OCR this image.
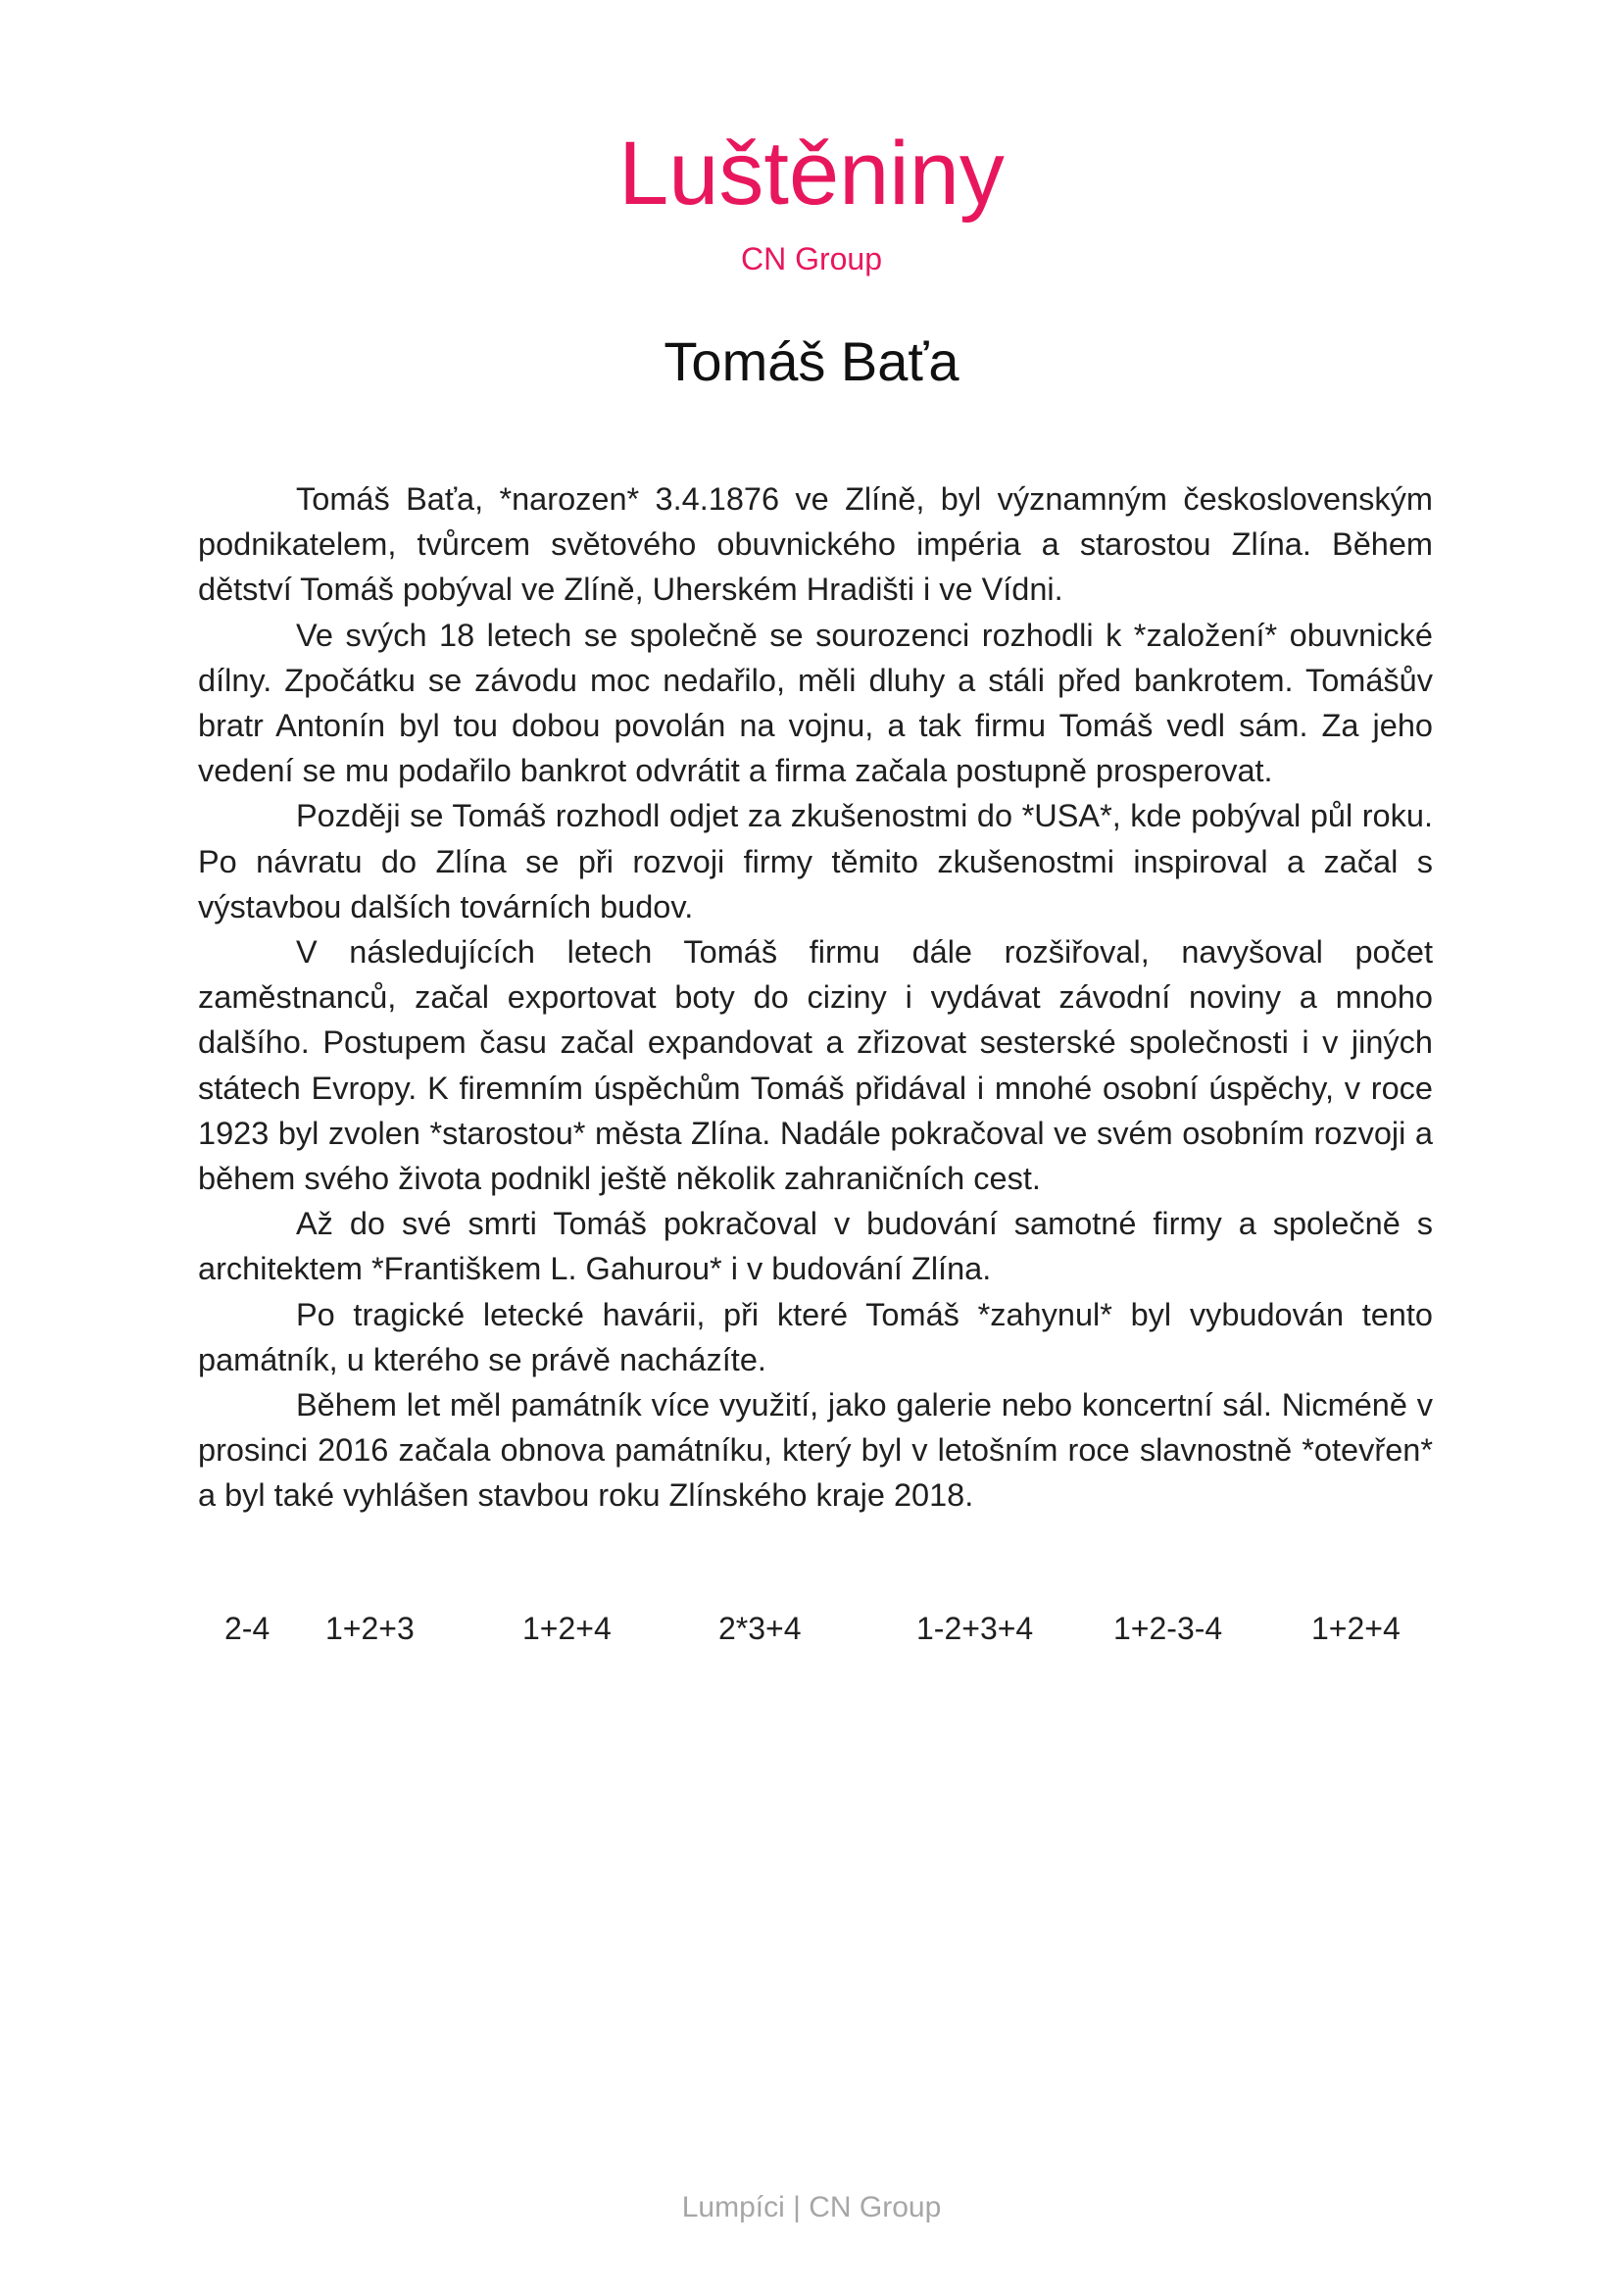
Luštěniny
CN Group
Tomáš Baťa

Tomáš Baťa, *narozen* 3.4.1876 ve Zlíně, byl významným československým podnikatelem, tvůrcem světového obuvnického impéria a starostou Zlína. Během dětství Tomáš pobýval ve Zlíně, Uherském Hradišti i ve Vídni.

Ve svých 18 letech se společně se sourozenci rozhodli k *založení* obuvnické dílny. Zpočátku se závodu moc nedařilo, měli dluhy a stáli před bankrotem. Tomášův bratr Antonín byl tou dobou povolán na vojnu, a tak firmu Tomáš vedl sám. Za jeho vedení se mu podařilo bankrot odvrátit a firma začala postupně prosperovat.

Později se Tomáš rozhodl odjet za zkušenostmi do *USA*, kde pobýval půl roku. Po návratu do Zlína se při rozvoji firmy těmito zkušenostmi inspiroval a začal s výstavbou dalších továrních budov.

V následujících letech Tomáš firmu dále rozšiřoval, navyšoval počet zaměstnanců, začal exportovat boty do ciziny i vydávat závodní noviny a mnoho dalšího. Postupem času začal expandovat a zřizovat sesterské společnosti i v jiných státech Evropy. K firemním úspěchům Tomáš přidával i mnohé osobní úspěchy, v roce 1923 byl zvolen *starostou* města Zlína. Nadále pokračoval ve svém osobním rozvoji a během svého života podnikl ještě několik zahraničních cest.

Až do své smrti Tomáš pokračoval v budování samotné firmy a společně s architektem *Františkem L. Gahurou* i v budování Zlína.

Po tragické letecké havárii, při které Tomáš *zahynul* byl vybudován tento památník, u kterého se právě nacházíte.

Během let měl památník více využití, jako galerie nebo koncertní sál. Nicméně v prosinci 2016 začala obnova památníku, který byl v letošním roce slavnostně *otevřen* a byl také vyhlášen stavbou roku Zlínského kraje 2018.

2-4 1+2+3	1+2+4	2*3+4	1-2+3+4	1+2-3-4	1+2+4
Lumpíci | CN Group
